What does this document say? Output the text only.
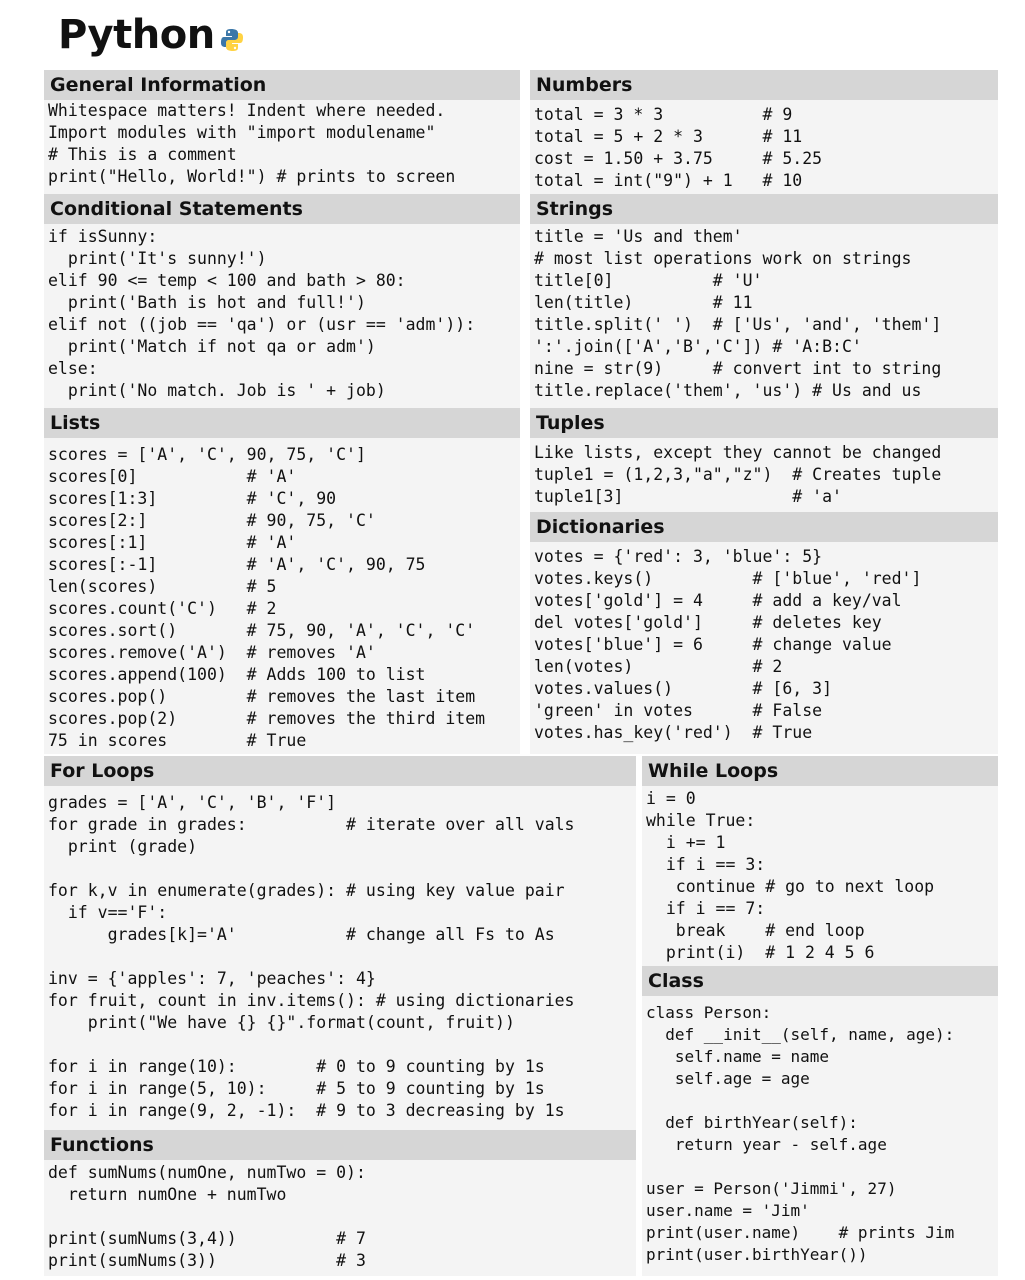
Python
General Information
Whitespace matters! Indent where needed.
Import modules with "import modulename"
# This is a comment
print("Hello, World!") # prints to screen
Numbers
total = 3 * 3          # 9
total = 5 + 2 * 3      # 11
cost = 1.50 + 3.75     # 5.25
total = int("9") + 1   # 10
Conditional Statements
if isSunny:
print('It's sunny!')
elif 90 <= temp < 100 and bath > 80:
print('Bath is hot and full!')
elif not ((job == 'qa') or (usr == 'adm')):
print('Match if not qa or adm')
else:
print('No match. Job is ' + job)
Strings
title = 'Us and them'
# most list operations work on strings
title[0]          # 'U'
len(title)        # 11
title.split(' ')  # ['Us', 'and', 'them']
':'.join(['A','B','C']) # 'A:B:C'
nine = str(9)     # convert int to string
title.replace('them', 'us') # Us and us
Lists
scores = ['A', 'C', 90, 75, 'C']
scores[0]           # 'A'
scores[1:3]         # 'C', 90
scores[2:]          # 90, 75, 'C'
scores[:1]          # 'A'
scores[:-1]         # 'A', 'C', 90, 75
len(scores)         # 5
scores.count('C')   # 2
scores.sort()       # 75, 90, 'A', 'C', 'C'
scores.remove('A')  # removes 'A'
scores.append(100)  # Adds 100 to list
scores.pop()        # removes the last item
scores.pop(2)       # removes the third item
75 in scores        # True
Tuples
Like lists, except they cannot be changed
tuple1 = (1,2,3,"a","z")  # Creates tuple
tuple1[3]                 # 'a'
Dictionaries
votes = {'red': 3, 'blue': 5}
votes.keys()          # ['blue', 'red']
votes['gold'] = 4     # add a key/val
del votes['gold']     # deletes key
votes['blue'] = 6     # change value
len(votes)            # 2
votes.values()        # [6, 3]
'green' in votes      # False
votes.has_key('red')  # True
For Loops
grades = ['A', 'C', 'B', 'F']
for grade in grades:          # iterate over all vals
print (grade)

for k,v in enumerate(grades): # using key value pair
if v=='F':
grades[k]='A'           # change all Fs to As

inv = {'apples': 7, 'peaches': 4}
for fruit, count in inv.items(): # using dictionaries
print("We have {} {}".format(count, fruit))

for i in range(10):        # 0 to 9 counting by 1s
for i in range(5, 10):     # 5 to 9 counting by 1s
for i in range(9, 2, -1):  # 9 to 3 decreasing by 1s
Functions
def sumNums(numOne, numTwo = 0):
return numOne + numTwo

print(sumNums(3,4))          # 7
print(sumNums(3))            # 3
While Loops
i = 0
while True:
i += 1
if i == 3:
continue # go to next loop
if i == 7:
break    # end loop
print(i)  # 1 2 4 5 6
Class
class Person:
def __init__(self, name, age):
self.name = name
self.age = age

def birthYear(self):
return year - self.age

user = Person('Jimmi', 27)
user.name = 'Jim'
print(user.name)    # prints Jim
print(user.birthYear())
